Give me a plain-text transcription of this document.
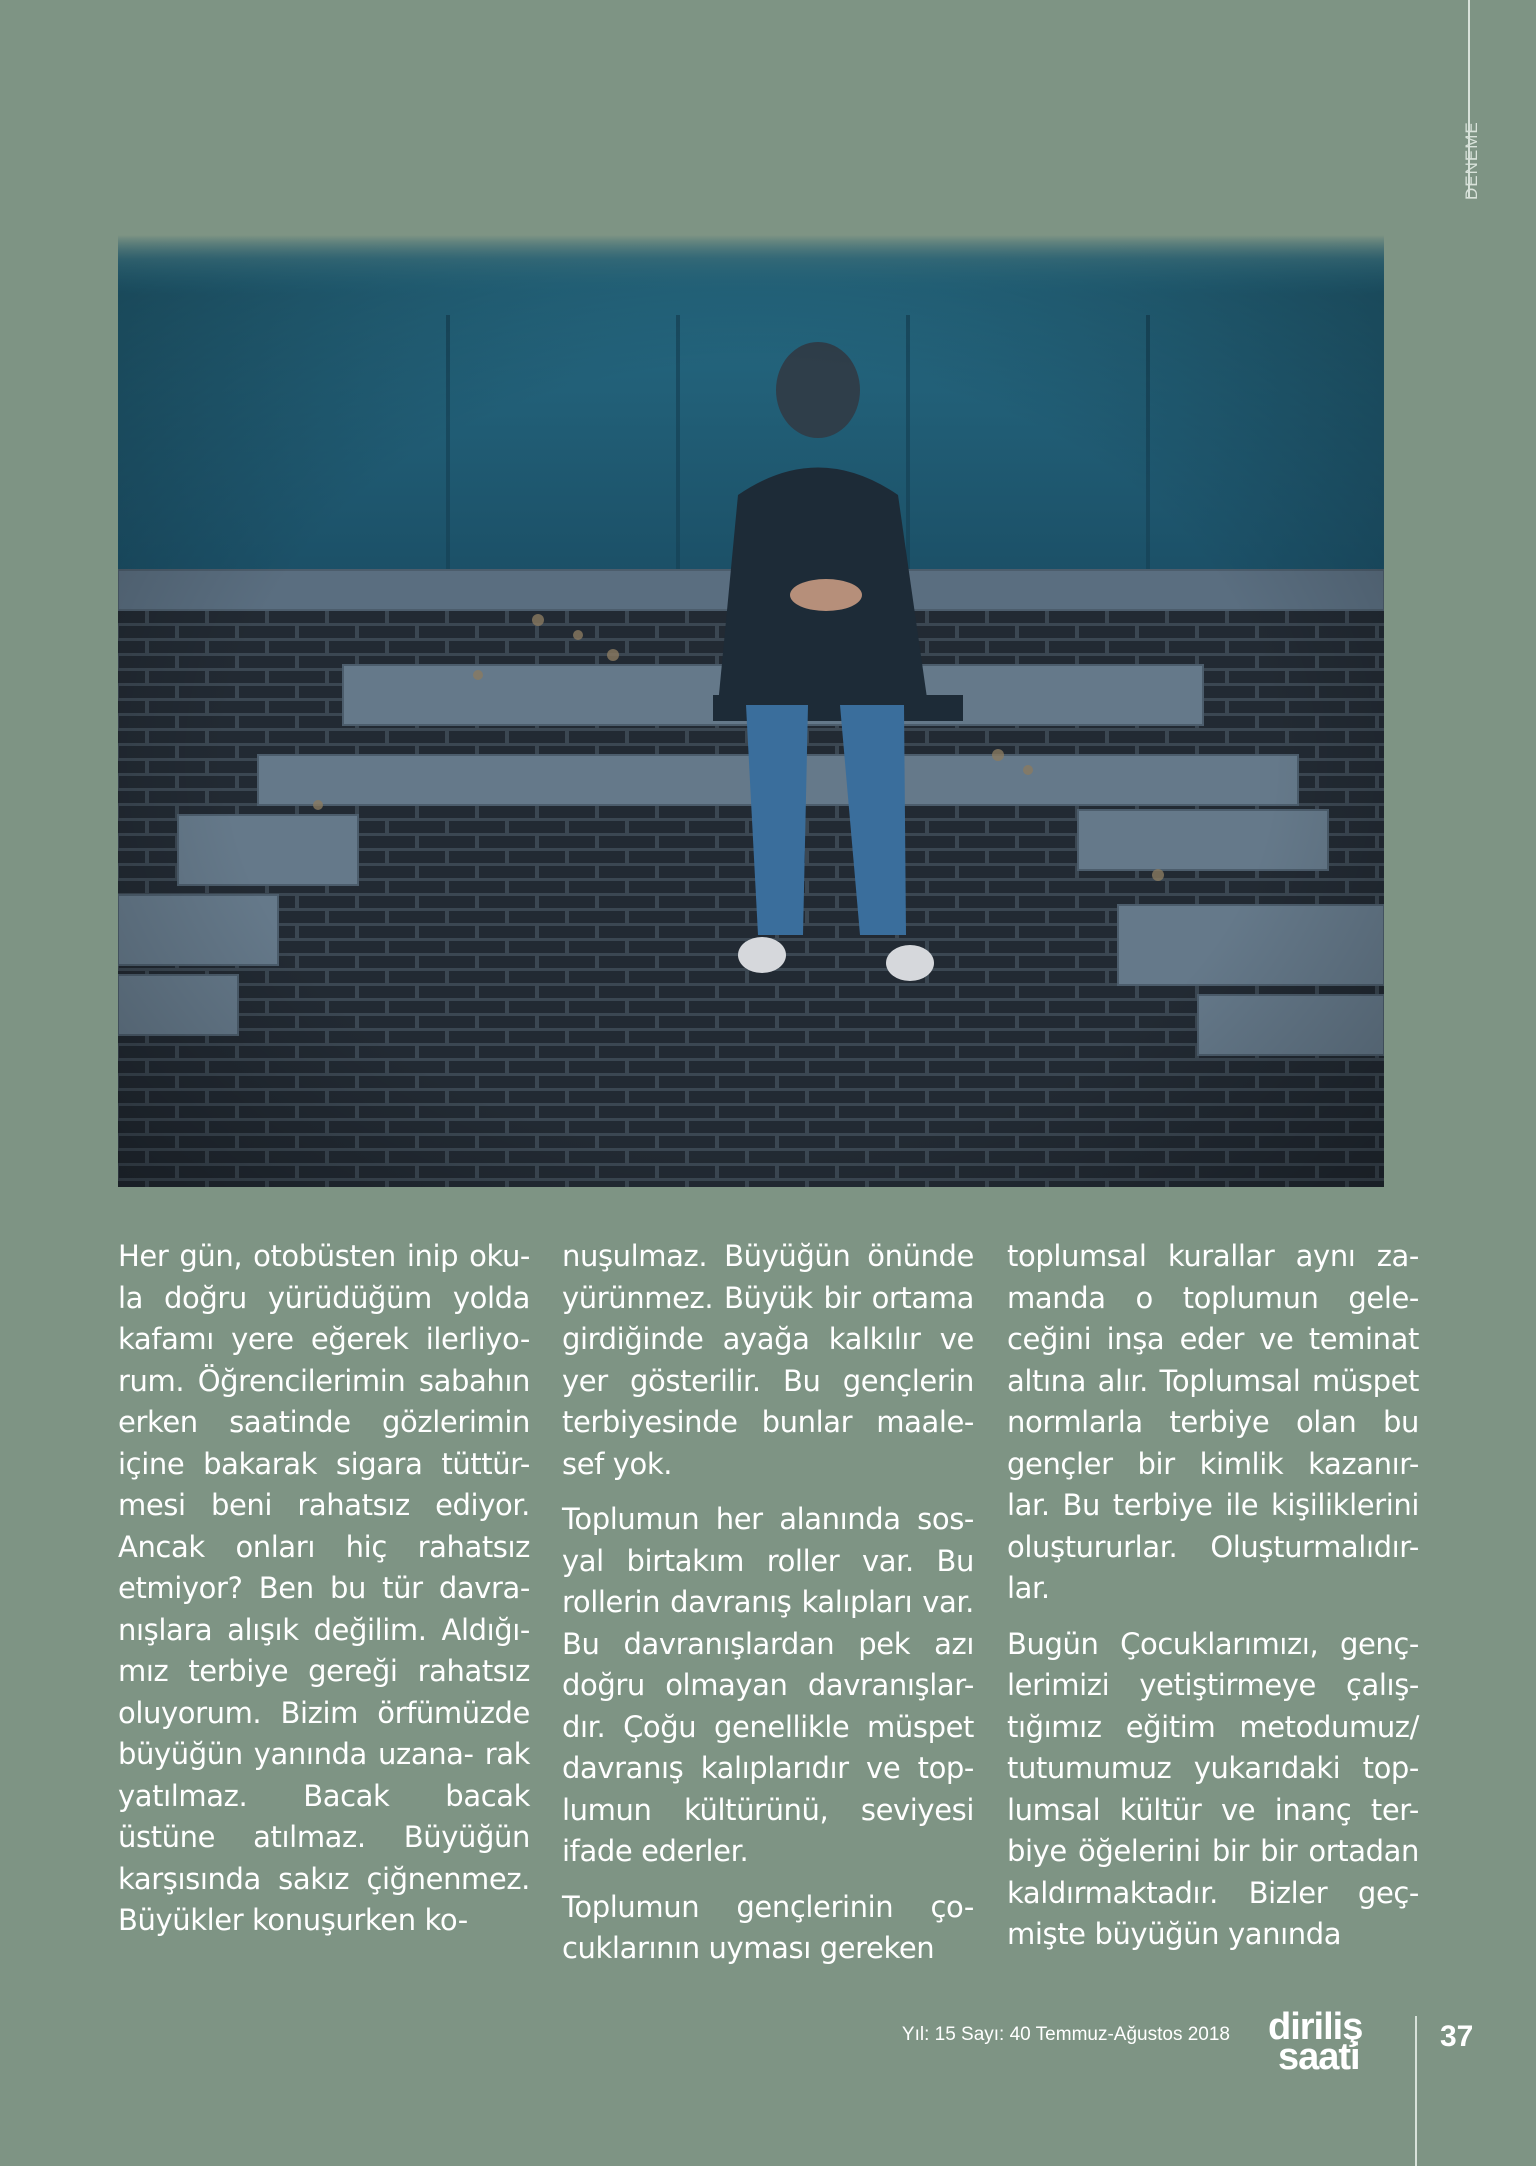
DENEME

Her gün, otobüsten inip oku- la doğru yürüdüğüm yolda kafamı yere eğerek ilerliyo- rum. Öğrencilerimin sabahın erken saatinde gözlerimin içine bakarak sigara tüttür- mesi beni rahatsız ediyor. Ancak onları hiç rahatsız etmiyor? Ben bu tür davra- nışlara alışık değilim. Aldığı- mız terbiye gereği rahatsız oluyorum. Bizim örfümüzde büyüğün yanında uzana- rak yatılmaz. Bacak bacak üstüne atılmaz. Büyüğün karşısında sakız çiğnenmez. Büyükler konuşurken ko-

nuşulmaz. Büyüğün önünde yürünmez. Büyük bir ortama girdiğinde ayağa kalkılır ve yer gösterilir. Bu gençlerin terbiyesinde bunlar maale- sef yok.

Toplumun her alanında sos- yal birtakım roller var. Bu rollerin davranış kalıpları var. Bu davranışlardan pek azı doğru olmayan davranışlar- dır. Çoğu genellikle müspet davranış kalıplarıdır ve top- lumun kültürünü, seviyesi ifade ederler.

Toplumun gençlerinin ço- cuklarının uyması gereken

toplumsal kurallar aynı za- manda o toplumun gele- ceğini inşa eder ve teminat altına alır. Toplumsal müspet normlarla terbiye olan bu gençler bir kimlik kazanır- lar. Bu terbiye ile kişiliklerini oluştururlar. Oluşturmalıdır- lar.

Bugün Çocuklarımızı, genç- lerimizi yetiştirmeye çalış- tığımız eğitim metodumuz/ tutumumuz yukarıdaki top- lumsal kültür ve inanç ter- biye öğelerini bir bir ortadan kaldırmaktadır. Bizler geç- mişte büyüğün yanında

Yıl: 15 Sayı: 40 Temmuz-Ağustos 2018 diriliş
saati	37
